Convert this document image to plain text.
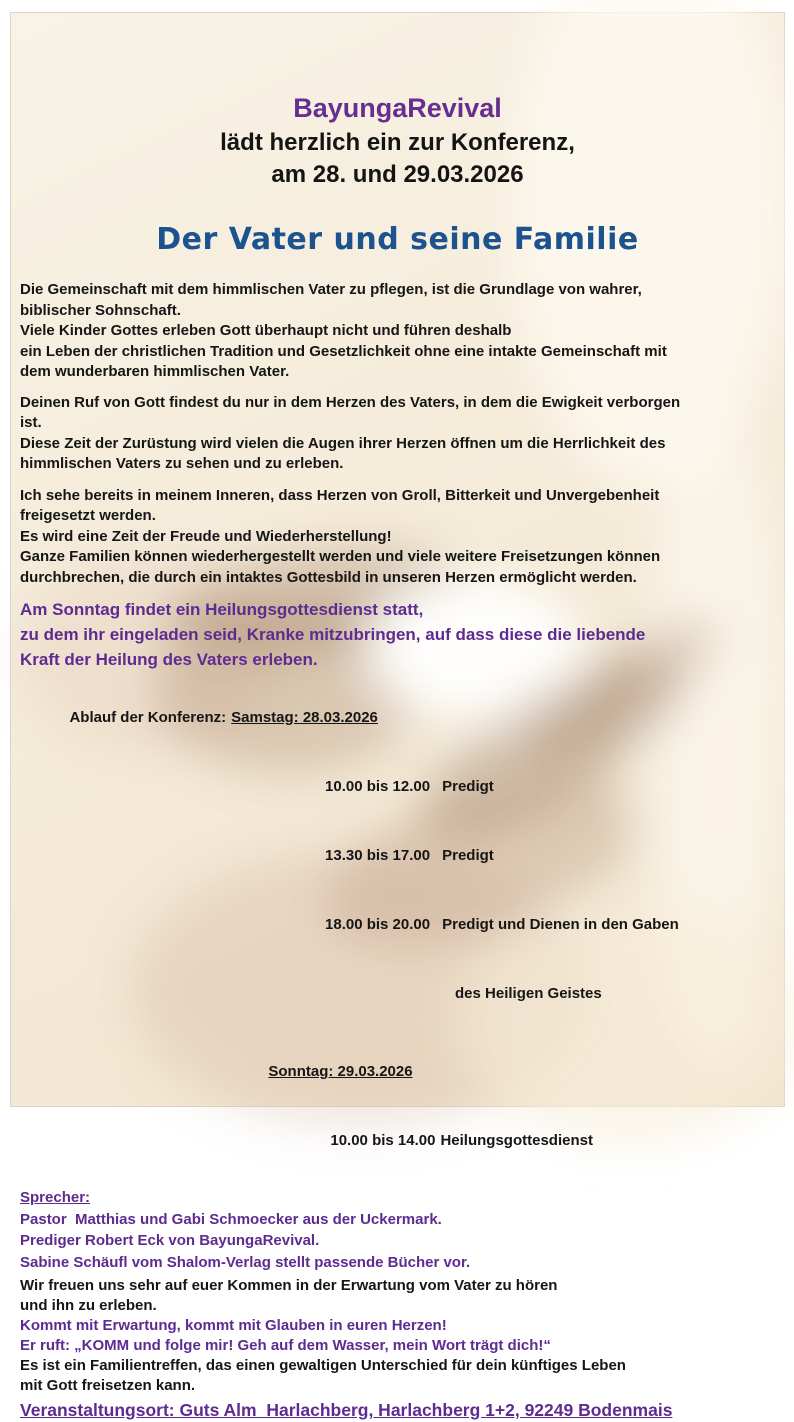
BayungaRevival
lädt herzlich ein zur Konferenz,
am 28. und 29.03.2026
Der Vater und seine Familie
Die Gemeinschaft mit dem himmlischen Vater zu pflegen, ist die Grundlage von wahrer,
biblischer Sohnschaft.
Viele Kinder Gottes erleben Gott überhaupt nicht und führen deshalb
ein Leben der christlichen Tradition und Gesetzlichkeit ohne eine intakte Gemeinschaft mit
dem wunderbaren himmlischen Vater.
Deinen Ruf von Gott findest du nur in dem Herzen des Vaters, in dem die Ewigkeit verborgen
ist.
Diese Zeit der Zurüstung wird vielen die Augen ihrer Herzen öffnen um die Herrlichkeit des
himmlischen Vaters zu sehen und zu erleben.
Ich sehe bereits in meinem Inneren, dass Herzen von Groll, Bitterkeit und Unvergebenheit
freigesetzt werden.
Es wird eine Zeit der Freude und Wiederherstellung!
Ganze Familien können wiederhergestellt werden und viele weitere Freisetzungen können
durchbrechen, die durch ein intaktes Gottesbild in unseren Herzen ermöglicht werden.
Am Sonntag findet ein Heilungsgottesdienst statt,
zu dem ihr eingeladen seid, Kranke mitzubringen, auf dass diese die liebende
Kraft der Heilung des Vaters erleben.

Ablauf der Konferenz: Samstag: 28.03.2026

10.00 bis 12.00 Predigt

13.30 bis 17.00 Predigt

18.00 bis 20.00 Predigt und Dienen in den Gaben

des Heiligen Geistes

Sonntag: 29.03.2026

10.00 bis 14.00 Heilungsgottesdienst

Sprecher:
Pastor  Matthias und Gabi Schmoecker aus der Uckermark.
Prediger Robert Eck von BayungaRevival.
Sabine Schäufl vom Shalom-Verlag stellt passende Bücher vor.
Wir freuen uns sehr auf euer Kommen in der Erwartung vom Vater zu hören
und ihn zu erleben.
Kommt mit Erwartung, kommt mit Glauben in euren Herzen!
Er ruft: „KOMM und folge mir! Geh auf dem Wasser, mein Wort trägt dich!“
Es ist ein Familientreffen, das einen gewaltigen Unterschied für dein künftiges Leben
mit Gott freisetzen kann.
Veranstaltungsort: Guts Alm  Harlachberg, Harlachberg 1+2, 92249 Bodenmais
